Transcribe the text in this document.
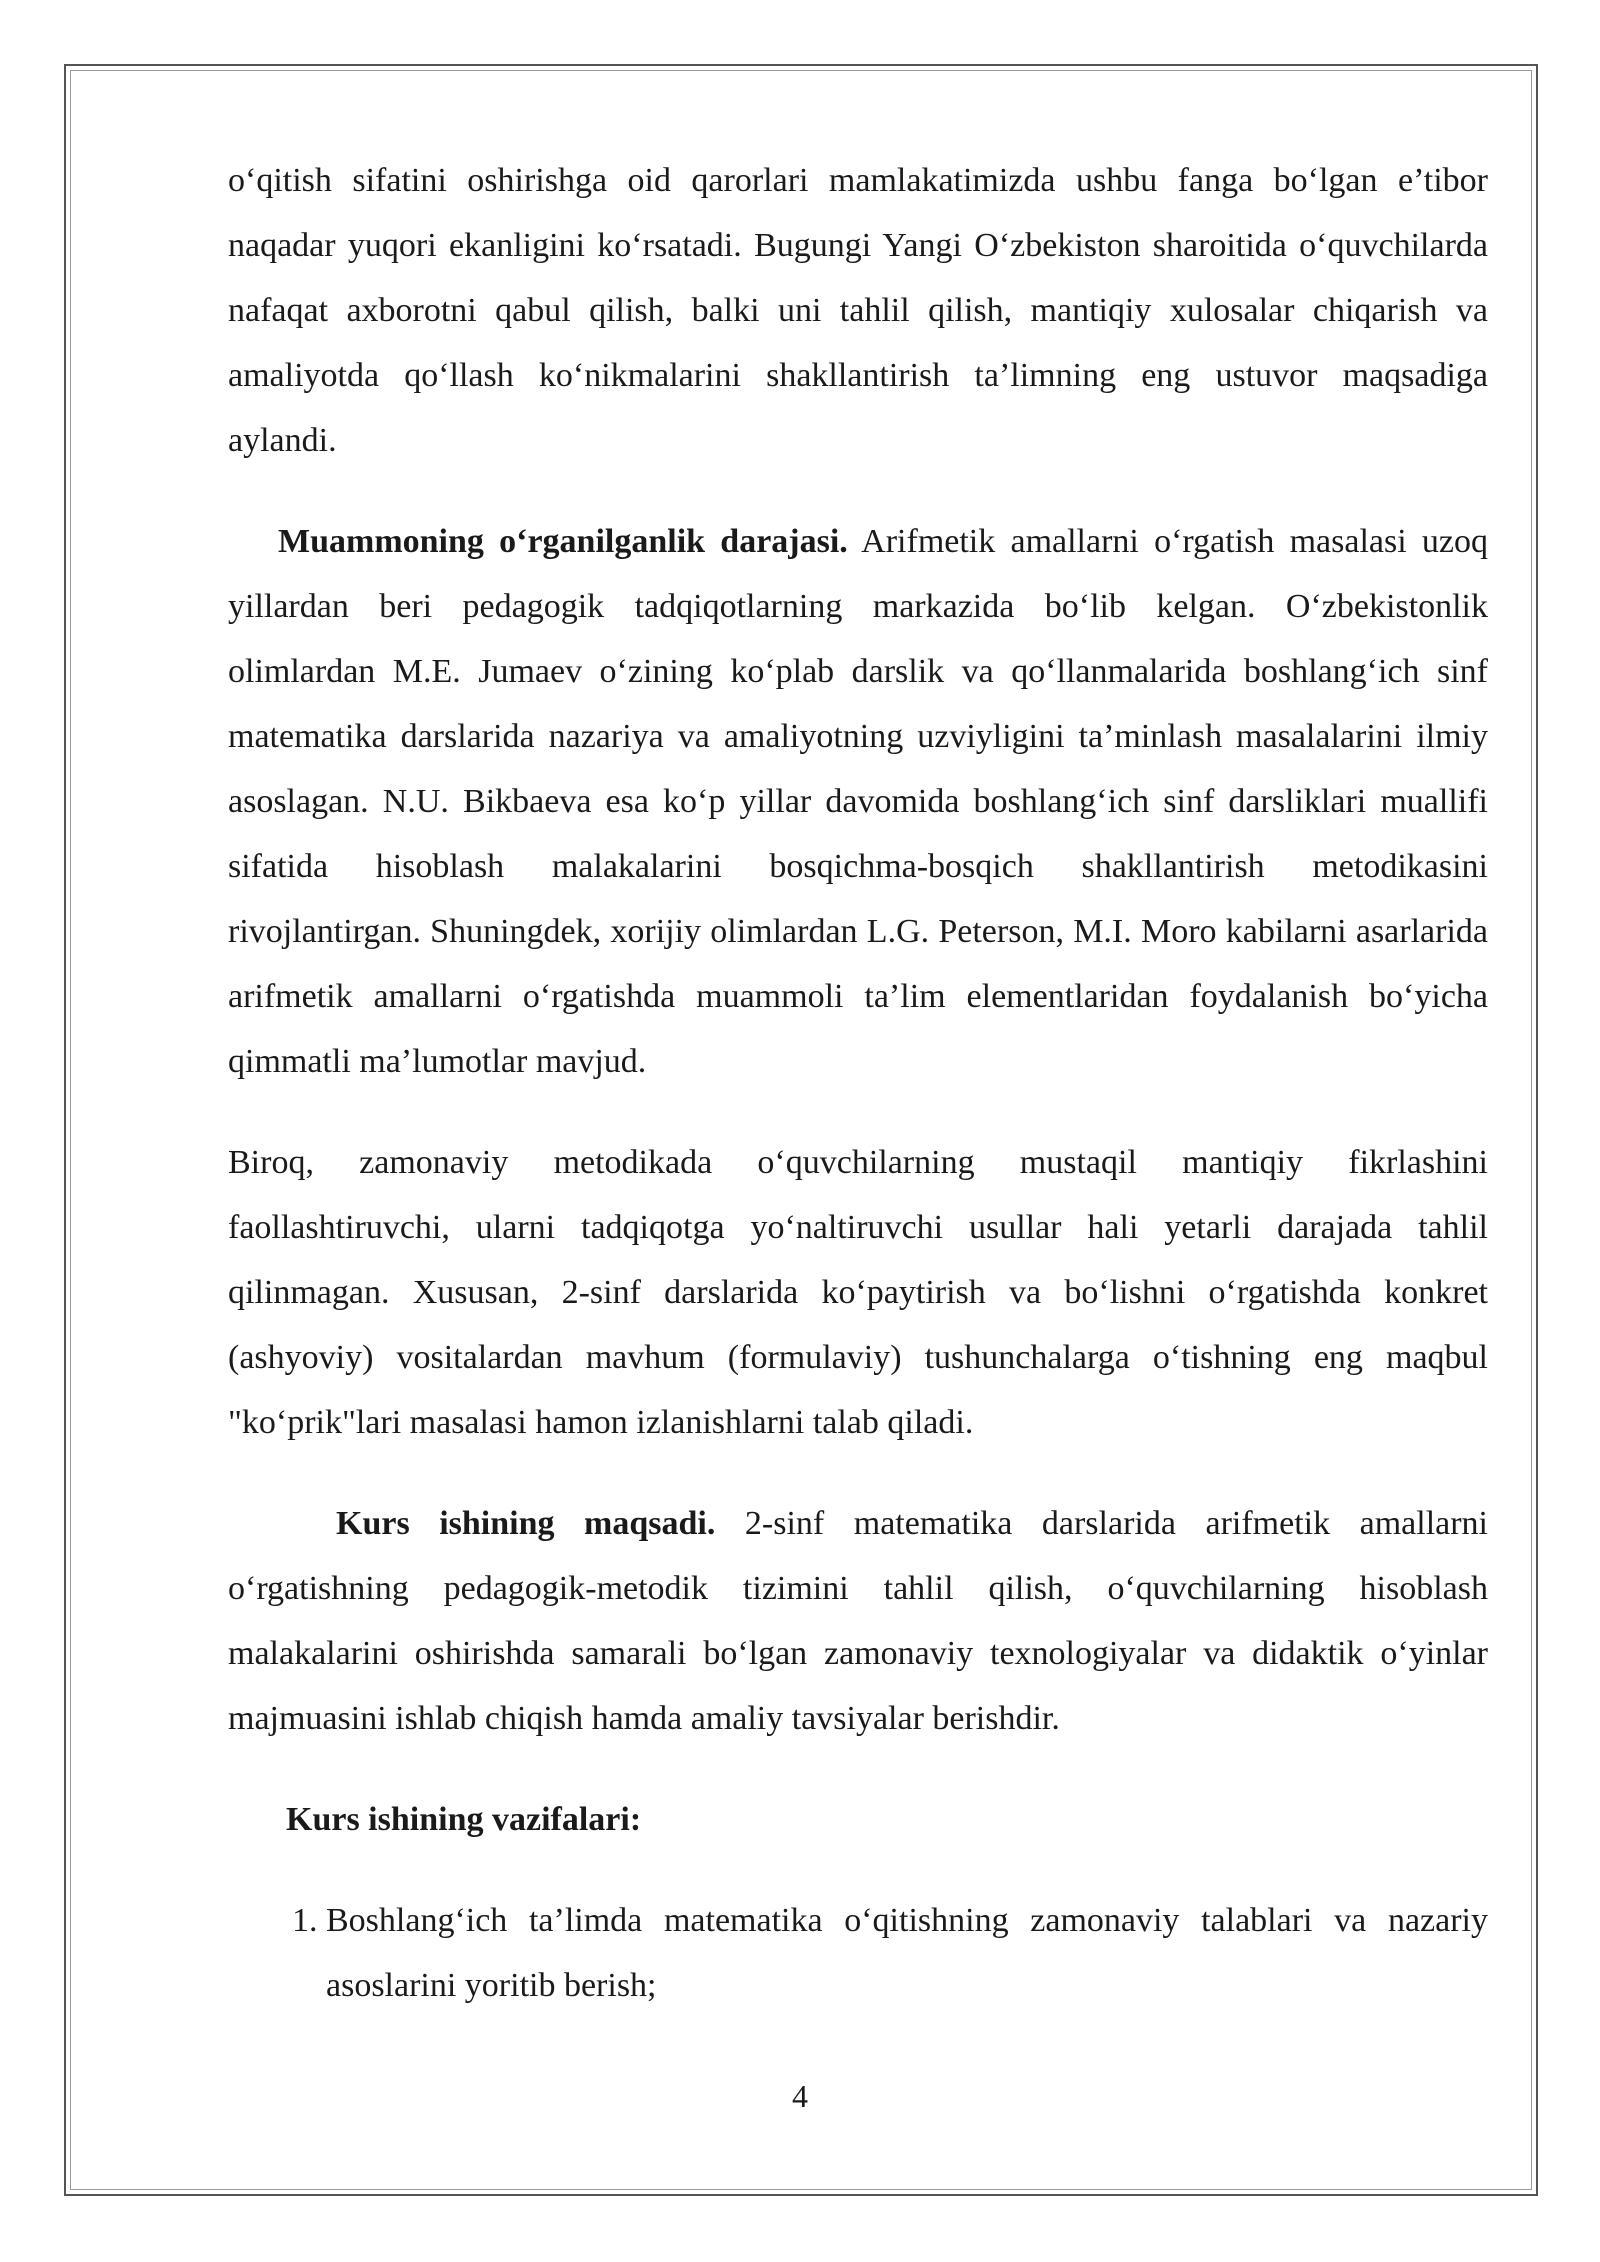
o‘qitish sifatini oshirishga oid qarorlari mamlakatimizda ushbu fanga bo‘lgan e’tibor naqadar yuqori ekanligini ko‘rsatadi. Bugungi Yangi O‘zbekiston sharoitida o‘quvchilarda nafaqat axborotni qabul qilish, balki uni tahlil qilish, mantiqiy xulosalar chiqarish va amaliyotda qo‘llash ko‘nikmalarini shakllantirish ta’limning eng ustuvor maqsadiga aylandi.

Muammoning o‘rganilganlik darajasi. Arifmetik amallarni o‘rgatish masalasi uzoq yillardan beri pedagogik tadqiqotlarning markazida bo‘lib kelgan. O‘zbekistonlik olimlardan M.E. Jumaev o‘zining ko‘plab darslik va qo‘llanmalarida boshlang‘ich sinf matematika darslarida nazariya va amaliyotning uzviyligini ta’minlash masalalarini ilmiy asoslagan. N.U. Bikbaeva esa ko‘p yillar davomida boshlang‘ich sinf darsliklari muallifi sifatida hisoblash malakalarini bosqichma-bosqich shakllantirish metodikasini rivojlantirgan. Shuningdek, xorijiy olimlardan L.G. Peterson, M.I. Moro kabilarni asarlarida arifmetik amallarni o‘rgatishda muammoli ta’lim elementlaridan foydalanish bo‘yicha qimmatli ma’lumotlar mavjud.

Biroq, zamonaviy metodikada o‘quvchilarning mustaqil mantiqiy fikrlashini faollashtiruvchi, ularni tadqiqotga yo‘naltiruvchi usullar hali yetarli darajada tahlil qilinmagan. Xususan, 2-sinf darslarida ko‘paytirish va bo‘lishni o‘rgatishda konkret (ashyoviy) vositalardan mavhum (formulaviy) tushunchalarga o‘tishning eng maqbul "ko‘prik"lari masalasi hamon izlanishlarni talab qiladi.

Kurs ishining maqsadi. 2-sinf matematika darslarida arifmetik amallarni o‘rgatishning pedagogik-metodik tizimini tahlil qilish, o‘quvchilarning hisoblash malakalarini oshirishda samarali bo‘lgan zamonaviy texnologiyalar va didaktik o‘yinlar majmuasini ishlab chiqish hamda amaliy tavsiyalar berishdir.

Kurs ishining vazifalari:

1. Boshlang‘ich ta’limda matematika o‘qitishning zamonaviy talablari va nazariy asoslarini yoritib berish;
4
